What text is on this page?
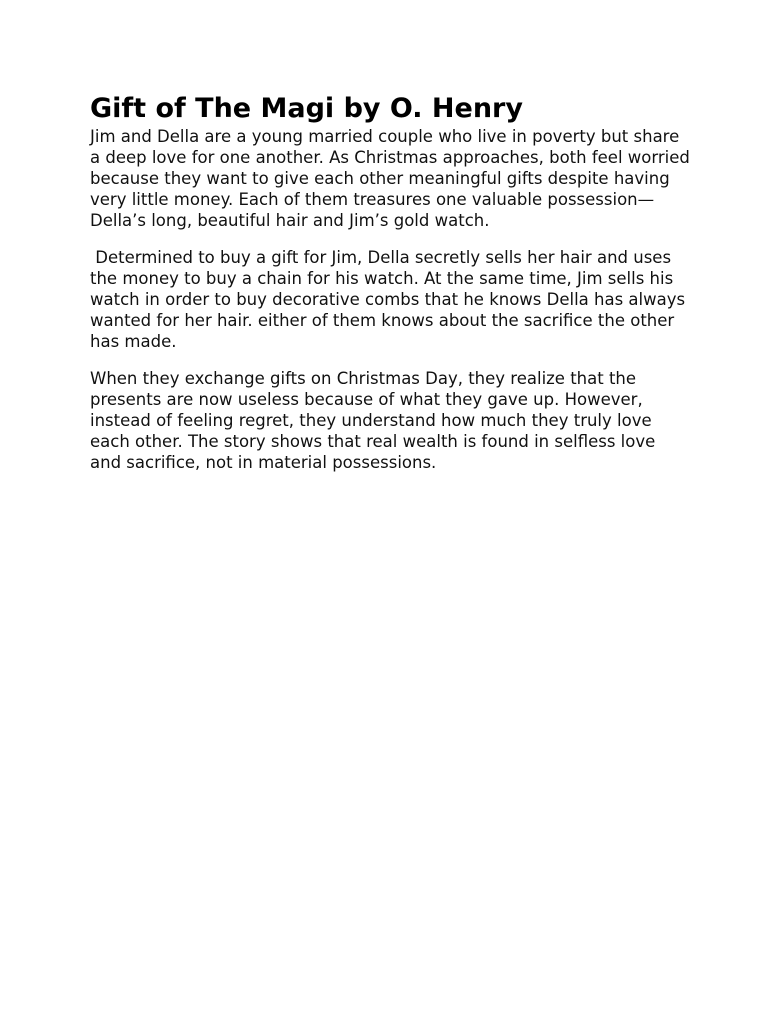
Gift of The Magi by O. Henry

Jim and Della are a young married couple who live in poverty but share a deep love for one another. As Christmas approaches, both feel worried because they want to give each other meaningful gifts despite having very little money. Each of them treasures one valuable possession—Della’s long, beautiful hair and Jim’s gold watch.

Determined to buy a gift for Jim, Della secretly sells her hair and uses the money to buy a chain for his watch. At the same time, Jim sells his watch in order to buy decorative combs that he knows Della has always wanted for her hair. either of them knows about the sacrifice the other has made.

When they exchange gifts on Christmas Day, they realize that the presents are now useless because of what they gave up. However, instead of feeling regret, they understand how much they truly love each other. The story shows that real wealth is found in selfless love and sacrifice, not in material possessions.
